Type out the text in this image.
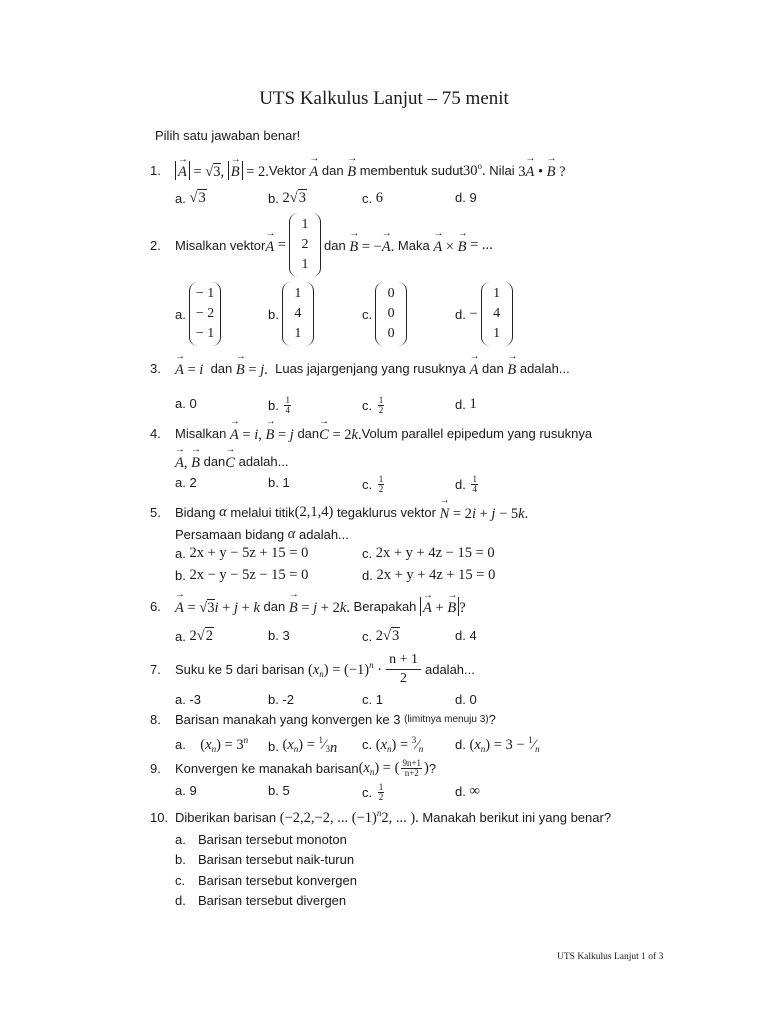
UTS Kalkulus Lanjut – 75 menit
Pilih satu jawaban benar!
1.	→ A = √3, → B = 2. Vektor
→ A
dan
→ B
membentuk sudut 30$^o$.
Nilai
3→ A • → B ?
a.
√3	b.
2√3	c.
6	d.
9
2.	Misalkan vektor → A =
1
2
1
dan → B = −→ A. Maka → A × → B = ...
a.
− 1
− 2
− 1
b.
1
4
1
c.
0
0
0
d.
−
1
4
1
3. → A = i
dan → B = j.
Luas jajargenjang yang rusuknya
→ A
dan
→ B
adalah...
a.
0	b.
$\frac{1}{4}$	c.
$\frac{1}{2}$	d.
1
4.	Misalkan
→ A = i, → B = j dan → C = 2k. Volum parallel epipedum yang rusuknya
→ A, → B dan → C
adalah...
a.
2	b.
1	c.
$\frac{1}{2}$	d.
$\frac{1}{4}$
5.	Bidang α melalui titik (2,1,4)
tegaklurus vektor → N = 2i + j − 5k.
Persamaan bidang α adalah...
a.
2x + y − 5z + 15 = 0	c.
2x + y + 4z − 15 = 0
b.
2x − y − 5z − 15 = 0	d.
2x + y + 4z + 15 = 0
6. → A = √3i + j + k dan → B = j + 2k. Berapakah
→ A + → B ?
a.
2√2	b.
3	c.
2√3	d.
4
7.	Suku ke 5 dari barisan
$(x_n) = (-1)^n$ ·
n + 1
2
adalah...
a.
-3	b.
-2	c.
1	d.
0
8.	Barisan manakah yang konvergen ke 3
(limitnya menuju 3) ?
a.
$(x_n) = 3^n$ b.
$(x_n)$ = $^1⁄_{3n}$ c.
$(x_n)$ = $^3⁄_n$ d.
$(x_n) = 3$ − $^1⁄_n$
9.	Konvergen ke manakah barisan $(x_n)$ = ( $\frac{9n+1}{n+2}$ ) ?
a.
9	b.
5	c.
$\frac{1}{2}$	d.
∞
10. Diberikan barisan
(−2,2,−2, ... $(-1)^n2$, ... ). Manakah berikut ini yang benar?
a. Barisan tersebut monoton
b. Barisan tersebut naik-turun
c. Barisan tersebut konvergen
d. Barisan tersebut divergen
UTS Kalkulus Lanjut 1 of 3
